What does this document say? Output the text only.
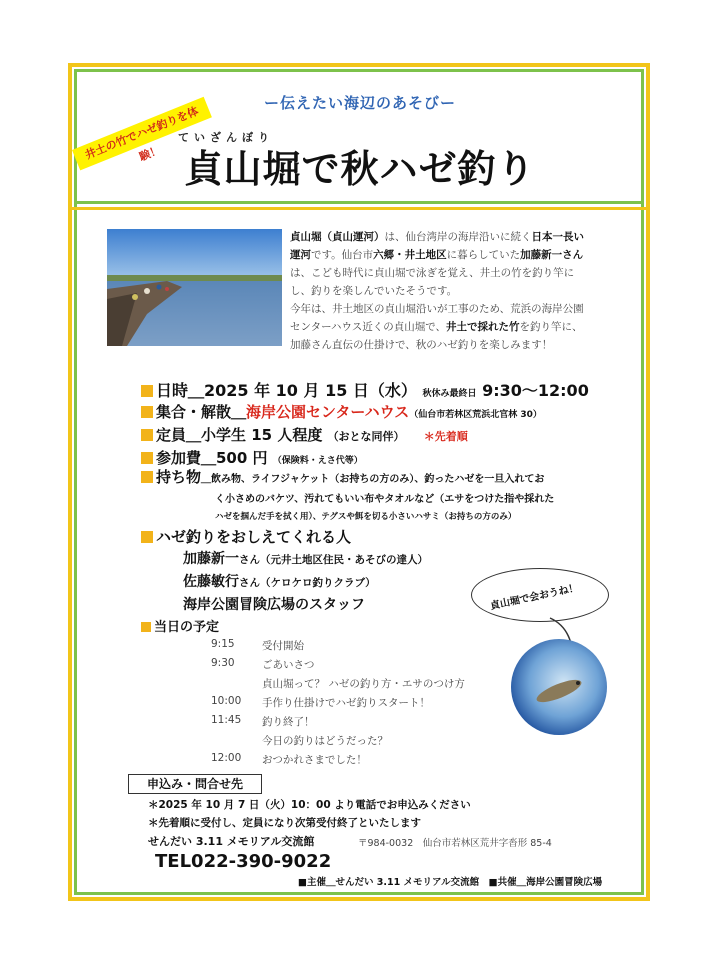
ー伝えたい海辺のあそびー
井土の竹でハゼ釣りを体験！
ていざんぼり
貞山堀で秋ハゼ釣り
貞山堀（貞山運河）は、仙台湾岸の海岸沿いに続く日本一長い運河です。仙台市六郷・井土地区に暮らしていた加藤新一さんは、こども時代に貞山堀で泳ぎを覚え、井土の竹を釣り竿にし、釣りを楽しんでいたそうです。
今年は、井土地区の貞山堀沿いが工事のため、荒浜の海岸公園センターハウス近くの貞山堀で、井土で採れた竹を釣り竿に、加藤さん直伝の仕掛けで、秋のハゼ釣りを楽しみます！
日時＿2025 年 10 月 15 日（水） 秋休み最終日 9:30〜12:00
集合・解散＿海岸公園センターハウス（仙台市若林区荒浜北官林 30）
定員＿小学生 15 人程度 （おとな同伴） ＊先着順
参加費＿500 円 （保険料・えさ代等）
持ち物＿飲み物、ライフジャケット（お持ちの方のみ）、釣ったハゼを一旦入れてお
く小さめのバケツ、汚れてもいい布やタオルなど（エサをつけた指や採れた
ハゼを掴んだ手を拭く用）、テグスや餌を切る小さいハサミ（お持ちの方のみ）
ハゼ釣りをおしえてくれる人
加藤新一さん（元井土地区住民・あそびの達人）
佐藤敏行さん（ケロケロ釣りクラブ）
海岸公園冒険広場のスタッフ
当日の予定
9:15	受付開始
9:30	ごあいさつ
貞山堀って？ ハゼの釣り方・エサのつけ方
10:00 手作り仕掛けでハゼ釣りスタート！
11:45 釣り終了！
今日の釣りはどうだった？
12:00 おつかれさまでした！
貞山堀で会おうね！
申込み・問合せ先
＊2025 年 10 月 7 日（火）10：00 より電話でお申込みください
＊先着順に受付し、定員になり次第受付終了といたします
せんだい 3.11 メモリアル交流館	〒984-0032　仙台市若林区荒井字沓形 85-4
TEL022-390-9022
■主催＿せんだい 3.11 メモリアル交流館　■共催＿海岸公園冒険広場
